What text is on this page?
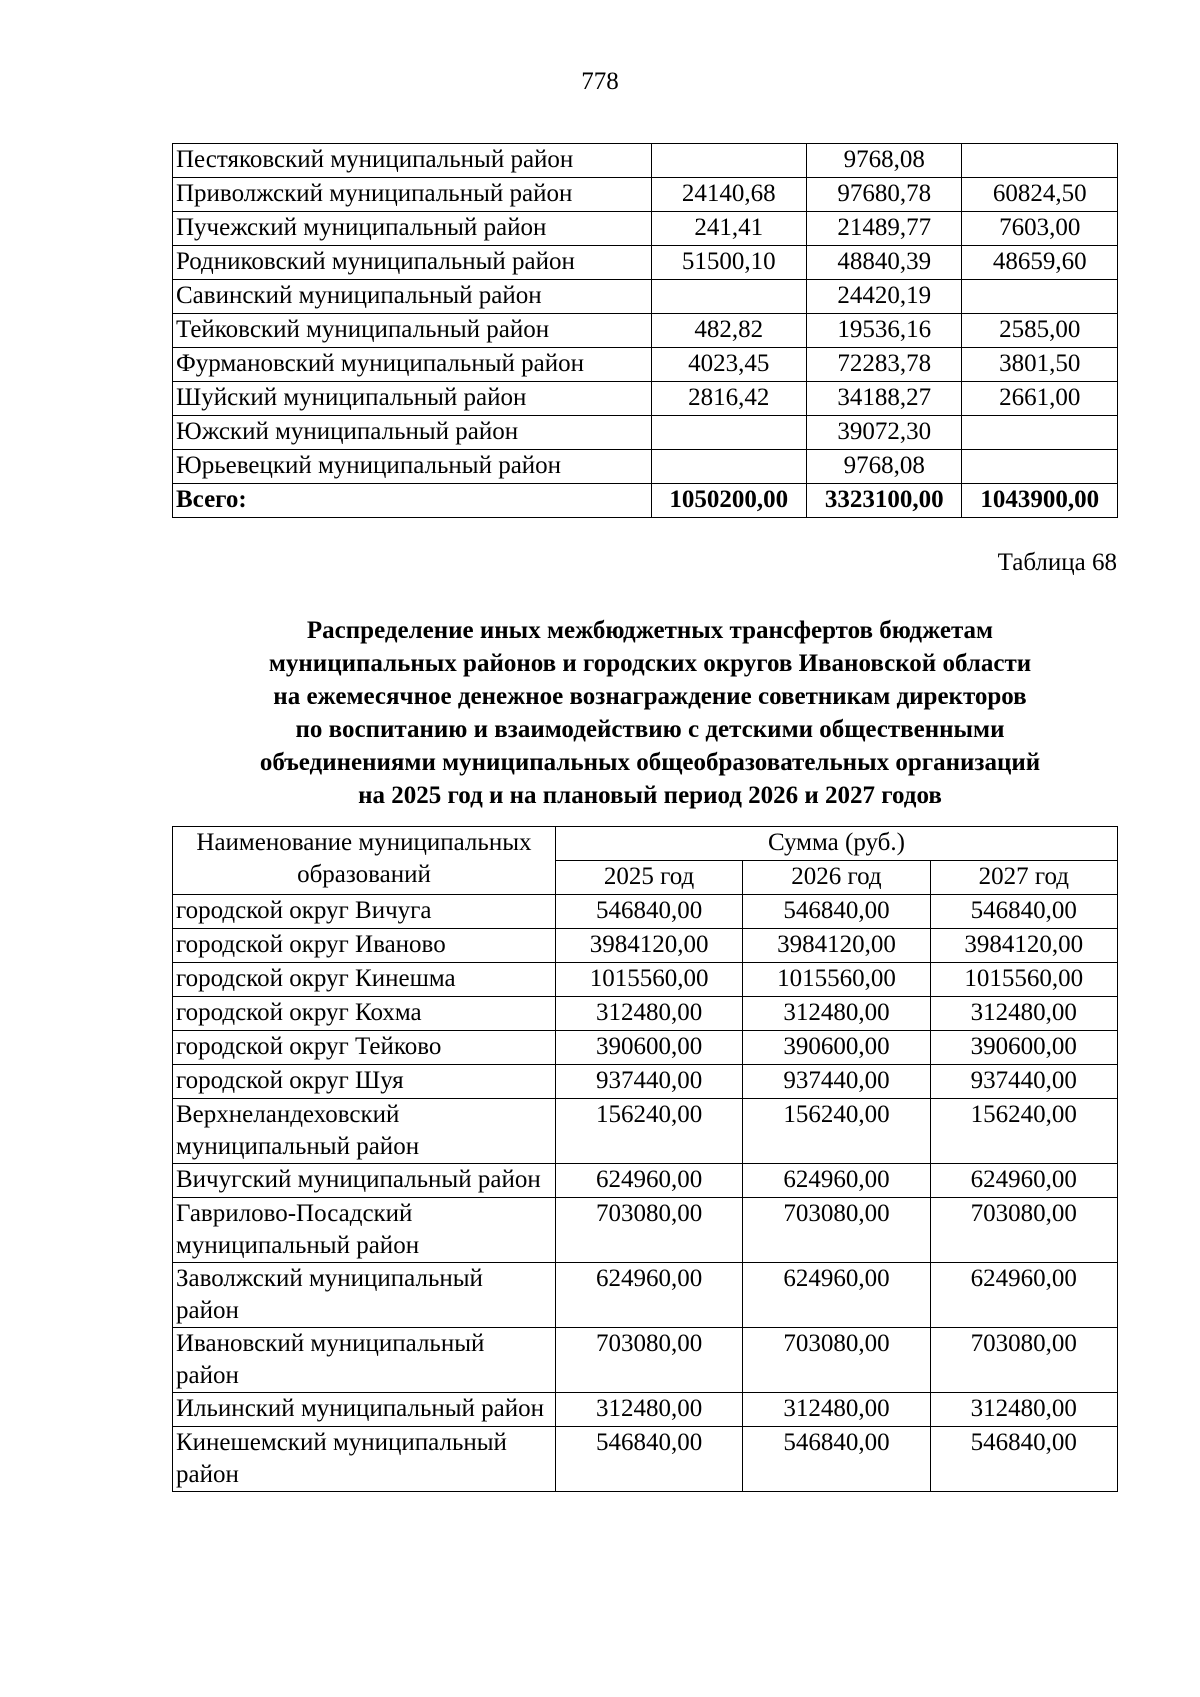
778
Пестяковский муниципальный район		9768,08	
Приволжский муниципальный район	24140,68	97680,78	60824,50
Пучежский муниципальный район	241,41	21489,77	7603,00
Родниковский муниципальный район	51500,10	48840,39	48659,60
Савинский муниципальный район		24420,19	
Тейковский муниципальный район	482,82	19536,16	2585,00
Фурмановский муниципальный район	4023,45	72283,78	3801,50
Шуйский муниципальный район	2816,42	34188,27	2661,00
Южский муниципальный район		39072,30	
Юрьевецкий муниципальный район		9768,08	
Всего:	1050200,00	3323100,00	1043900,00
Таблица 68
Распределение иных межбюджетных трансфертов бюджетам
муниципальных районов и городских округов Ивановской области
на ежемесячное денежное вознаграждение советникам директоров
по воспитанию и взаимодействию с детскими общественными
объединениями муниципальных общеобразовательных организаций
на 2025 год и на плановый период 2026 и 2027 годов
Наименование муниципальных образований	Сумма (руб.)		
	2025 год	2026 год	2027 год
городской округ Вичуга	546840,00	546840,00	546840,00
городской округ Иваново	3984120,00	3984120,00	3984120,00
городской округ Кинешма	1015560,00	1015560,00	1015560,00
городской округ Кохма	312480,00	312480,00	312480,00
городской округ Тейково	390600,00	390600,00	390600,00
городской округ Шуя	937440,00	937440,00	937440,00
Верхнеландеховский муниципальный район	156240,00	156240,00	156240,00
Вичугский муниципальный район	624960,00	624960,00	624960,00
Гаврилово-Посадский муниципальный район	703080,00	703080,00	703080,00
Заволжский муниципальный район	624960,00	624960,00	624960,00
Ивановский муниципальный район	703080,00	703080,00	703080,00
Ильинский муниципальный район	312480,00	312480,00	312480,00
Кинешемский муниципальный район	546840,00	546840,00	546840,00
